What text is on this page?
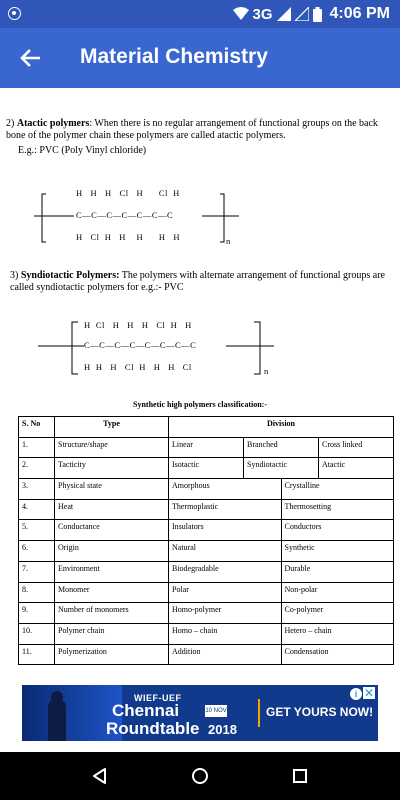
3G	4:06 PM
Material Chemistry
2) Atactic polymers: When there is no regular arrangement of functional groups on the back bone of the polymer chain these polymers are called atactic polymers.
E.g.: PVC (Poly Vinyl chloride)
H   H   H   Cl   H      Cl  H
C—C—C—C—C—C—C
H   Cl  H   H    H      H   H	n
3) Syndiotactic Polymers: The polymers with alternate arrangement of functional groups are called syndiotactic polymers for e.g.:- PVC
H  Cl   H   H   H   Cl  H   H
C—C—C—C—C—C—C—C
H  H   H   Cl  H   H   H   Cl	n
Synthetic high polymers classification:-
S. No	Type	Division
1.	Structure/shape	Linear Branched Cross linked

2.	Tacticity	Isotactic Syndiotactic Atactic

3.	Physical state	Amorphous Crystalline

4.	Heat	Thermoplastic Thermosetting

5.	Conductance	Insulators Conductors

6.	Origin	Natural Synthetic

7.	Environment	Biodegradable Durable

8.	Monomer	Polar Non-polar

9.	Number of monomers	Homo-polymer Co-polymer

10.	Polymer chain	Homo – chain Hetero – chain

11.	Polymerization	Addition Condensation
WIEF-UEF
Chennai	10 NOV
Roundtable 2018
GET YOURS NOW!
i ✕
